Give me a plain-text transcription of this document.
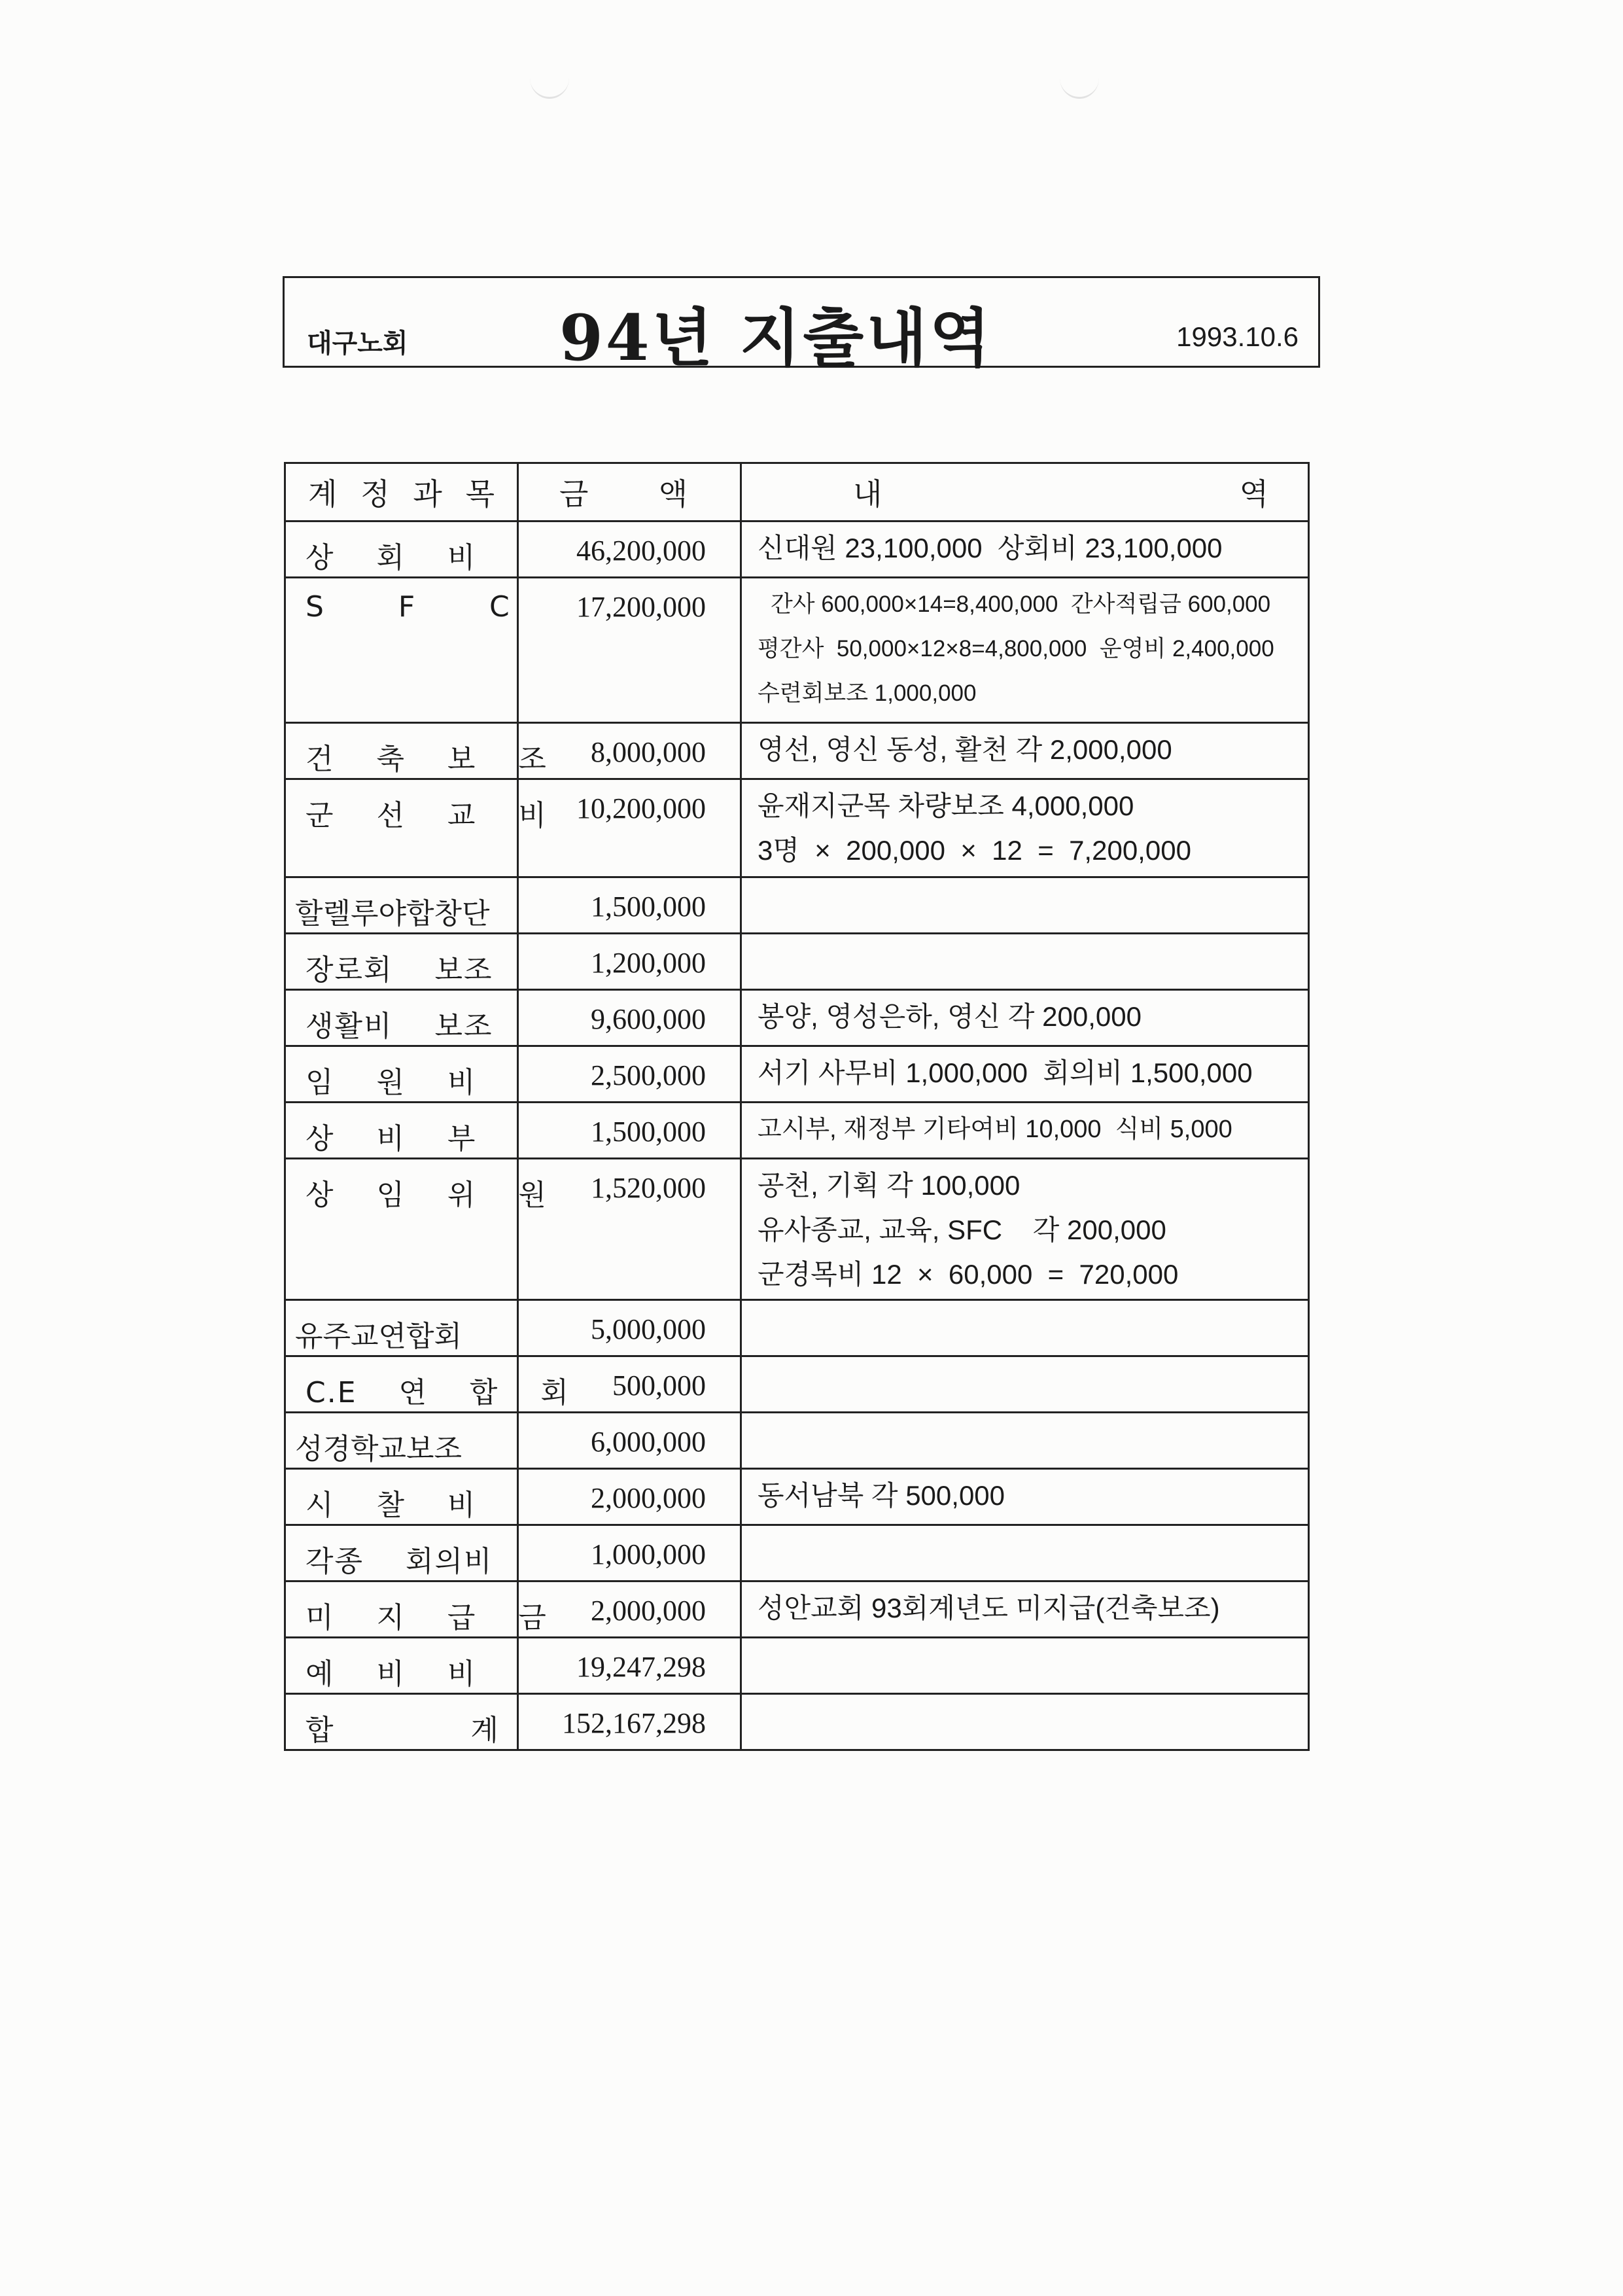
대구노회 94년 지출내역	1993.10.6
계 정 과 목	금 액	내 역

상    회    비	46,200,000	신대원 23,100,000  상회비 23,100,000

S       F       C	17,200,000	간사 600,000×14=8,400,000  간사적립금 600,000
평간사  50,000×12×8=4,800,000  운영비 2,400,000
수련회보조 1,000,000

건    축    보    조	8,000,000	영선, 영신 동성, 활천 각 2,000,000

군    선    교    비	10,200,000	윤재지군목 차량보조 4,000,000
3명  ×  200,000  ×  12  =  7,200,000

할렐루야합창단	1,500,000	

장로회    보조	1,200,000	

생활비    보조	9,600,000	봉양, 영성은하, 영신 각 200,000

임    원    비	2,500,000	서기 사무비 1,000,000  회의비 1,500,000

상    비    부	1,500,000	고시부, 재정부 기타여비 10,000  식비 5,000

상    임    위    원	1,520,000	공천, 기획 각 100,000
유사종교, 교육, SFC    각 200,000
군경목비 12  ×  60,000  =  720,000

유주교연합회	5,000,000	

C.E    연    합    회	500,000	

성경학교보조	6,000,000	

시    찰    비	2,000,000	동서남북 각 500,000

각종    회의비	1,000,000	

미    지    급    금	2,000,000	성안교회 93회계년도 미지급(건축보조)

예    비    비	19,247,298	

합             계	152,167,298	
